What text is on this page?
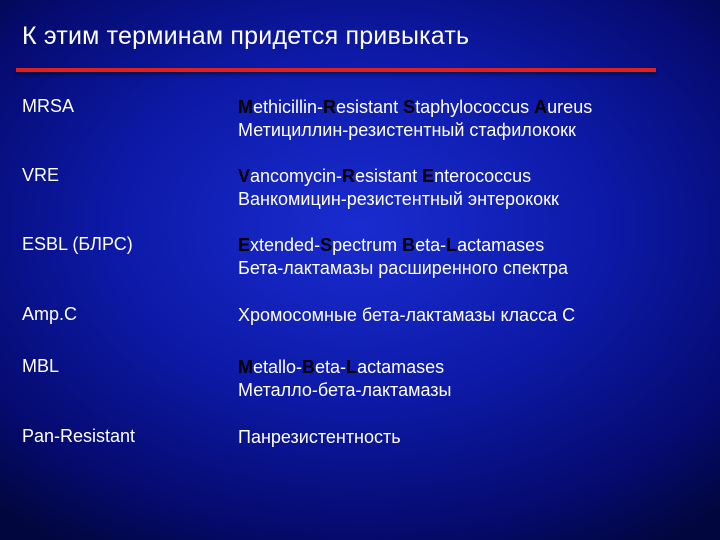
К этим терминам придется привыкать
MRSA	Methicillin-Resistant Staphylococcus Aureus
Метициллин-резистентный стафилококк
VRE	Vancomycin-Resistant Enterococcus
Ванкомицин-резистентный энтерококк
ESBL (БЛРС)	Extended-Spectrum Beta-Lactamases
Бета-лактамазы расширенного спектра
Amp.C	Хромосомные бета-лактамазы класса С
MBL	Metallo-Beta-Lactamases
Металло-бета-лактамазы
Pan-Resistant	Панрезистентность
